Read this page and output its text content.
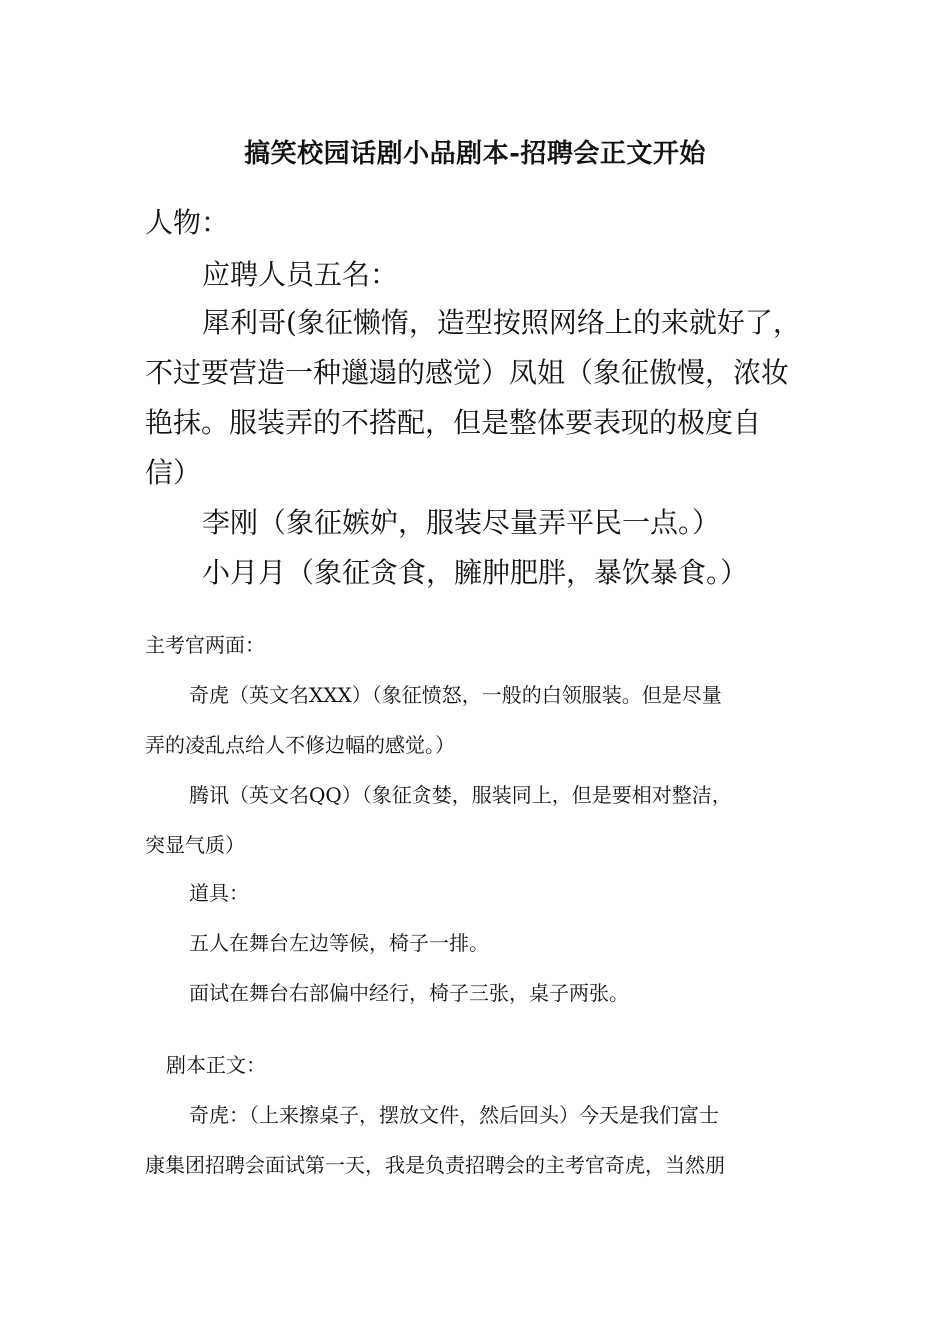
搞笑校园话剧小品剧本-招聘会正文开始
人物：
应聘人员五名：
犀利哥(象征懒惰，造型按照网络上的来就好了，
不过要营造一种邋遢的感觉）凤姐（象征傲慢，浓妆
艳抹。服装弄的不搭配，但是整体要表现的极度自
信）
李刚（象征嫉妒，服装尽量弄平民一点。）
小月月（象征贪食，臃肿肥胖，暴饮暴食。）
主考官两面：
奇虎（英文名XXX）（象征愤怒，一般的白领服装。但是尽量
弄的凌乱点给人不修边幅的感觉。）
腾讯（英文名QQ）（象征贪婪，服装同上，但是要相对整洁，
突显气质）
道具：
五人在舞台左边等候，椅子一排。
面试在舞台右部偏中经行，椅子三张，桌子两张。
剧本正文：
奇虎：（上来擦桌子，摆放文件，然后回头）今天是我们富士
康集团招聘会面试第一天，我是负责招聘会的主考官奇虎，当然朋
